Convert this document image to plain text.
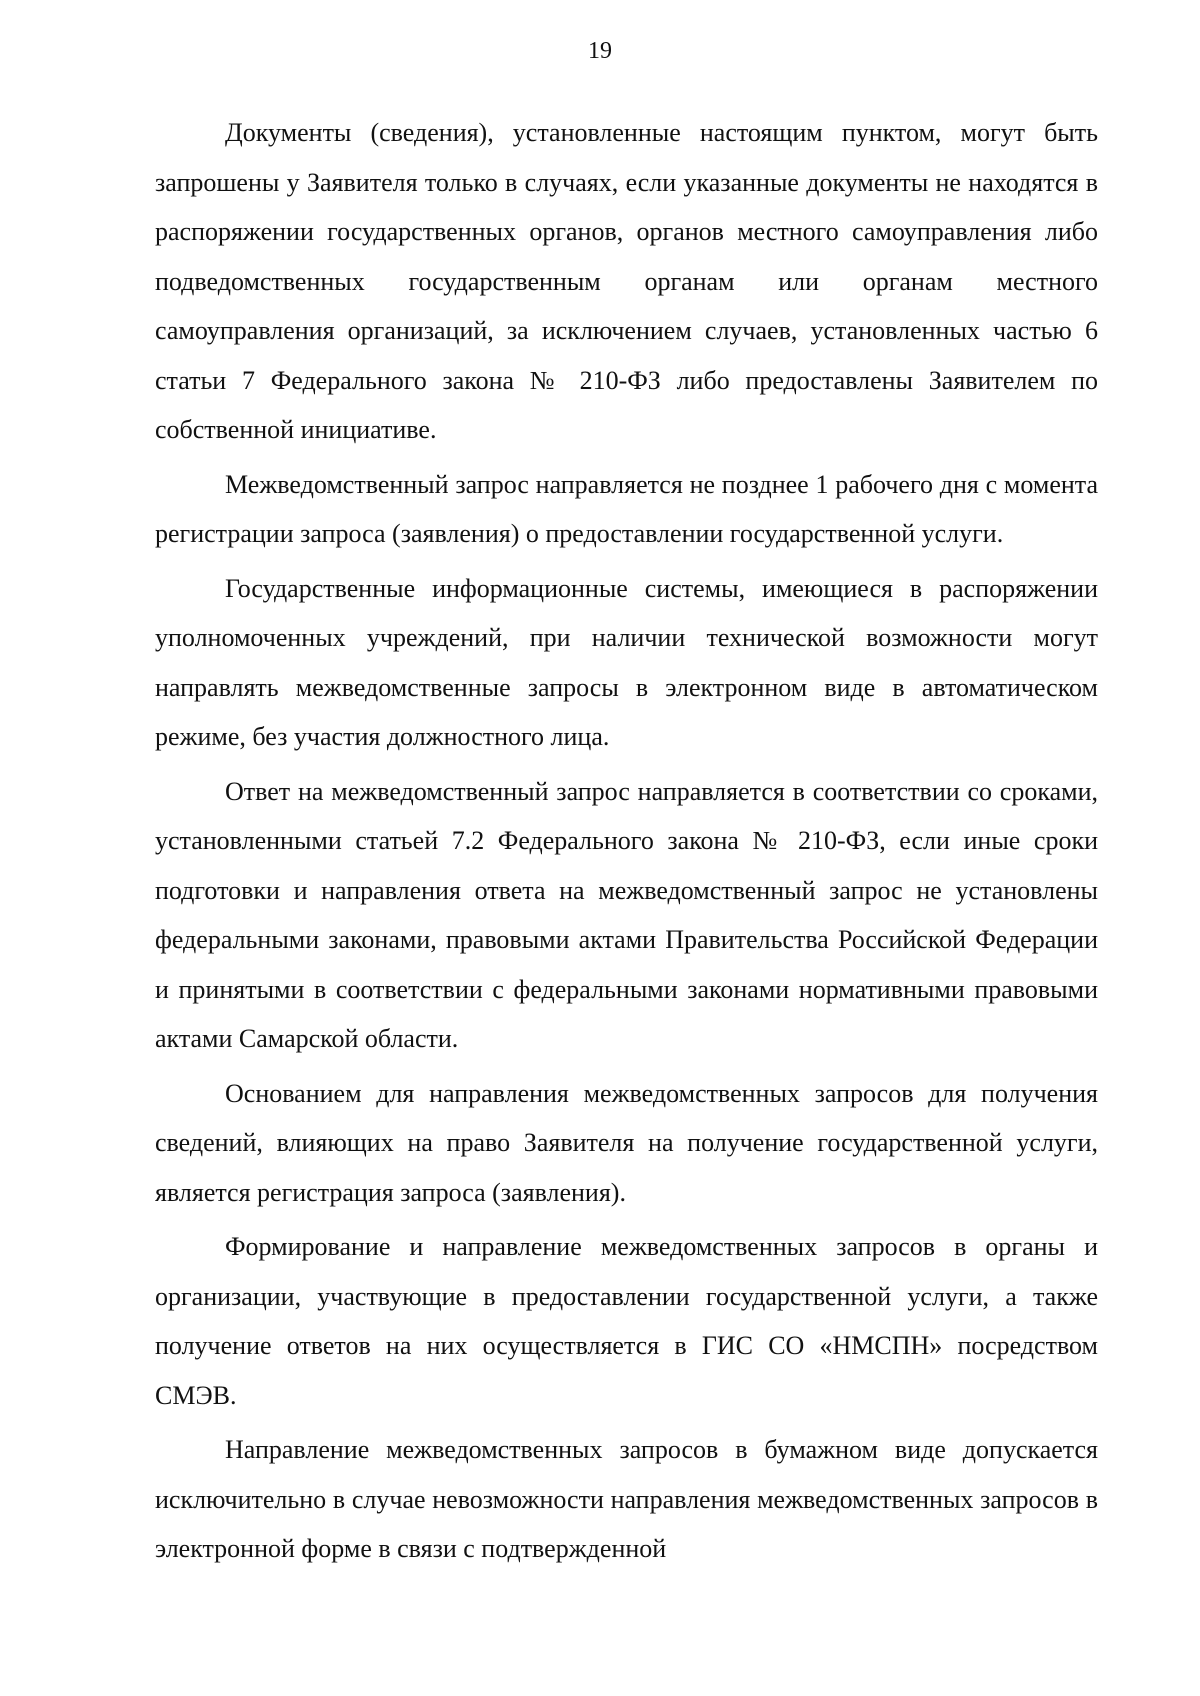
19

Документы (сведения), установленные настоящим пунктом, могут быть запрошены у Заявителя только в случаях, если указанные документы не находятся в распоряжении государственных органов, органов местного самоуправления либо подведомственных государственным органам или органам местного самоуправления организаций, за исключением случаев, установленных частью 6 статьи 7 Федерального закона № 210-ФЗ либо предоставлены Заявителем по собственной инициативе.

Межведомственный запрос направляется не позднее 1 рабочего дня с момента регистрации запроса (заявления) о предоставлении государственной услуги.

Государственные информационные системы, имеющиеся в распоряжении уполномоченных учреждений, при наличии технической возможности могут направлять межведомственные запросы в электронном виде в автоматическом режиме, без участия должностного лица.

Ответ на межведомственный запрос направляется в соответствии со сроками, установленными статьей 7.2 Федерального закона № 210-ФЗ, если иные сроки подготовки и направления ответа на межведомственный запрос не установлены федеральными законами, правовыми актами Правительства Российской Федерации и принятыми в соответствии с федеральными законами нормативными правовыми актами Самарской области.

Основанием для направления межведомственных запросов для получения сведений, влияющих на право Заявителя на получение государственной услуги, является регистрация запроса (заявления).

Формирование и направление межведомственных запросов в органы и организации, участвующие в предоставлении государственной услуги, а также получение ответов на них осуществляется в ГИС СО «НМСПН» посредством СМЭВ.

Направление межведомственных запросов в бумажном виде допускается исключительно в случае невозможности направления межведомственных запросов в электронной форме в связи с подтвержденной
